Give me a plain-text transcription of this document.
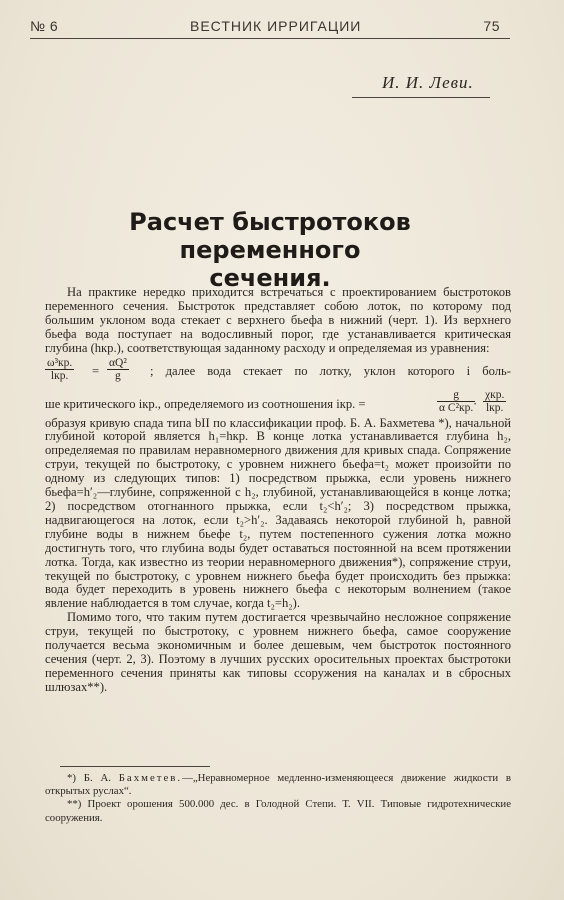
№ 6	ВЕСТНИК ИРРИГАЦИИ	75
И. И. Леви.
Расчет быстротоков переменного
сечения.

На практике нередко приходится встречаться с проектированием быстротоков переменного сечения. Быстроток представляет собою лоток, по которому под большим уклоном вода стекает с верхнего бьефа в нижний (черт. 1). Из верхнего бьефа вода поступает на водосливный порог, где устанавливается критическая глубина (hкр.), соответствующая заданному расходу и определяемая из уравнения:

ω³кр.
lкр.	= $\frac{\text{αQ²}}{g}$ ; далее вода стекает по лотку, уклон которого i боль-
ше критического iкр., определяемого из соотношения iкр. =
g
α C²кр. ·
χкр.
lкр.

образуя кривую спада типа bII по классификации проф. Б. А. Бахметева *), начальной глубиной которой является h₁=hкр. В конце лотка устанавливается глубина h₂, определяемая по правилам неравномерного движения для кривых спада. Сопряжение струи, текущей по быстротоку, с уровнем нижнего бьефа=t₂ может произойти по одному из следующих типов: 1) посредством прыжка, если уровень нижнего бьефа=h′₂—глубине, сопряженной с h₂, глубиной, устанавливающейся в конце лотка; 2) посредством отогнанного прыжка, если t₂<h′₂; 3) посредством прыжка, надвигающегося на лоток, если t₂>h′₂. Задаваясь некоторой глубиной h, равной глубине воды в нижнем бьефе t₂, путем постепенного сужения лотка можно достигнуть того, что глубина воды будет оставаться постоянной на всем протяжении лотка. Тогда, как известно из теории неравномерного движения*), сопряжение струи, текущей по быстротоку, с уровнем нижнего бьефа будет происходить без прыжка: вода будет переходить в уровень нижнего бьефа с некоторым волнением (такое явление наблюдается в том случае, когда t₂=h₂).

Помимо того, что таким путем достигается чрезвычайно несложное сопряжение струи, текущей по быстротоку, с уровнем нижнего бьефа, самое сооружение получается весьма экономичным и более дешевым, чем быстроток постоянного сечения (черт. 2, 3). Поэтому в лучших русских оросительных проектах быстротоки переменного сечения приняты как типовы ссоружения на каналах и в сбросных шлюзах**).

*) Б. А. Бахметев.—„Неравномерное медленно-изменяющееся движение жидкости в открытых руслах“.

**) Проект орошения 500.000 дес. в Голодной Степи. Т. VII. Типовые гидротехнические сооружения.
